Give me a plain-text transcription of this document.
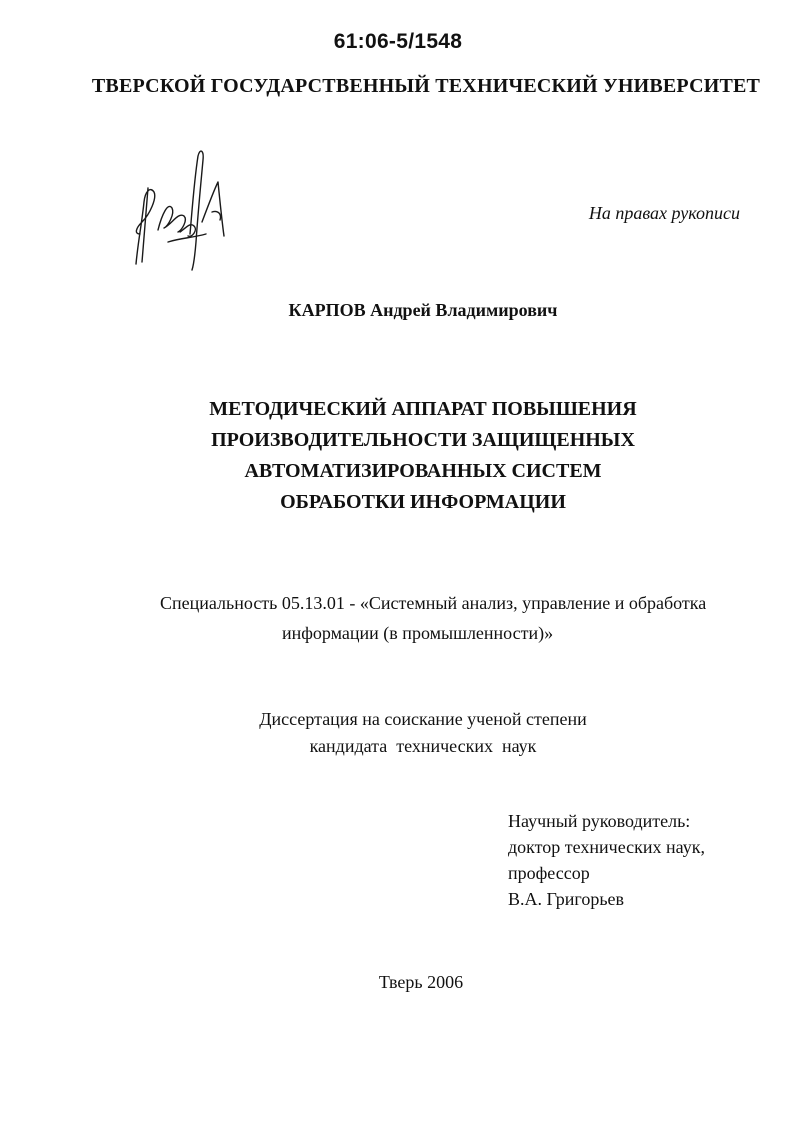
61:06-5/1548
ТВЕРСКОЙ ГОСУДАРСТВЕННЫЙ ТЕХНИЧЕСКИЙ УНИВЕРСИТЕТ
На правах рукописи
КАРПОВ Андрей Владимирович
МЕТОДИЧЕСКИЙ АППАРАТ ПОВЫШЕНИЯ
ПРОИЗВОДИТЕЛЬНОСТИ ЗАЩИЩЕННЫХ
АВТОМАТИЗИРОВАННЫХ СИСТЕМ
ОБРАБОТКИ ИНФОРМАЦИИ
Специальность 05.13.01 - «Системный анализ, управление и обработка
информации (в промышленности)»
Диссертация на соискание ученой степени
кандидата  технических  наук
Научный руководитель:
доктор технических наук,
профессор
В.А. Григорьев
Тверь 2006
